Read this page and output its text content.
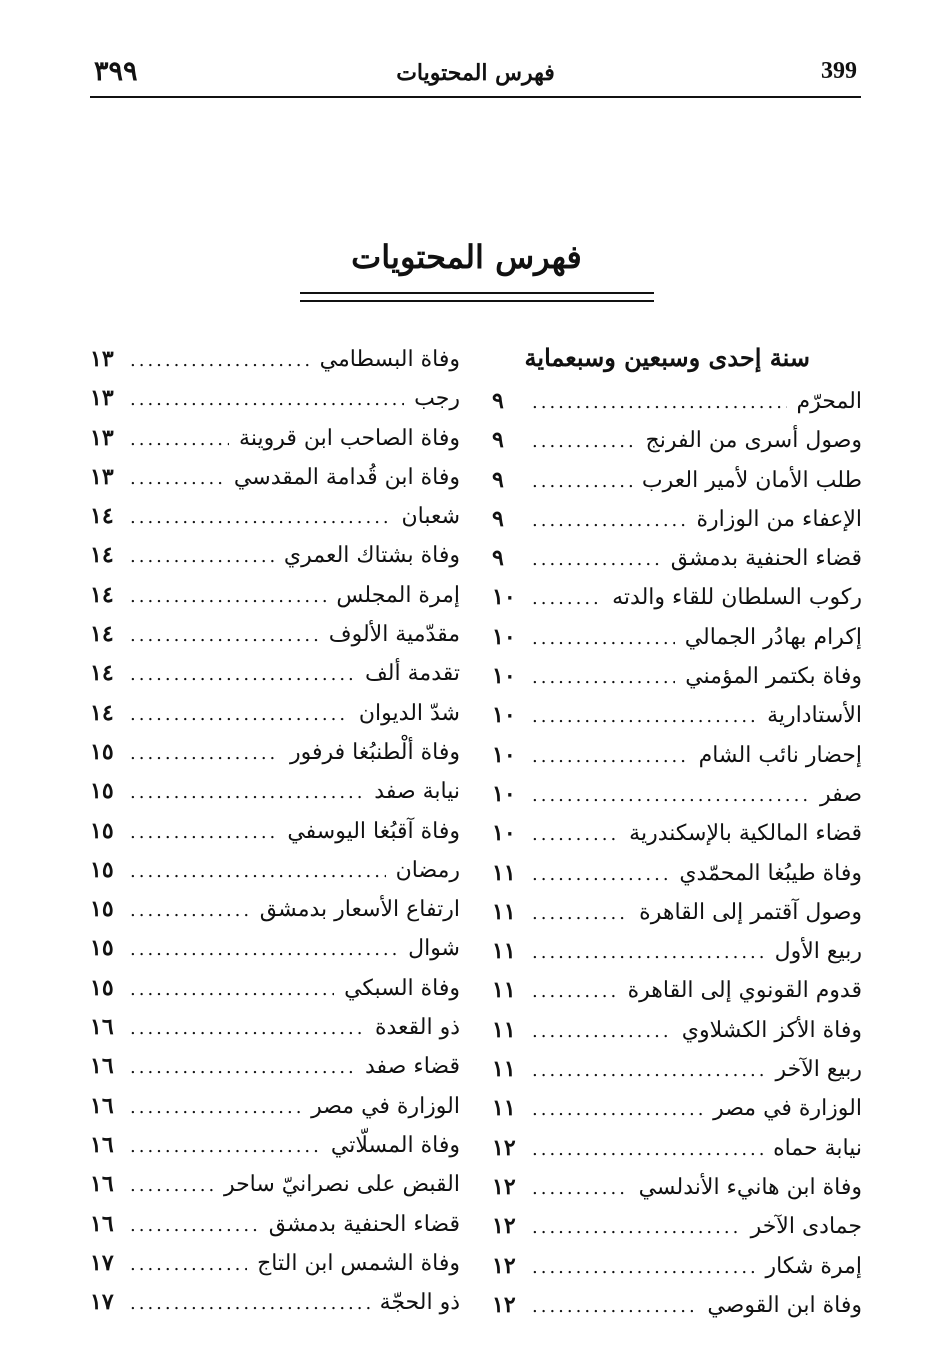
٣٩٩	فهرس المحتويات	399
فهرس المحتويات
سنة إحدى وسبعين وسبعماية
المحرّم
.....
٩
وصول أسرى من الفرنج
.....
٩
طلب الأمان لأمير العرب
.....
٩
الإعفاء من الوزارة
.....
٩
قضاء الحنفية بدمشق
.....
٩
ركوب السلطان للقاء والدته
.....
١٠
إكرام بهادُر الجمالي
.....
١٠
وفاة بكتمر المؤمني
.....
١٠
الأستادارية
.....
١٠
إحضار نائب الشام
.....
١٠
صفر
.....
١٠
قضاء المالكية بالإسكندرية
.....
١٠
وفاة طيبُغا المحمّدي
.....
١١
وصول آقتمر إلى القاهرة
.....
١١
ربيع الأول
.....
١١
قدوم القونوي إلى القاهرة
.....
١١
وفاة الأكز الكشلاوي
.....
١١
ربيع الآخر
.....
١١
الوزارة في مصر
.....
١١
نيابة حماه
.....
١٢
وفاة ابن هانيء الأندلسي
.....
١٢
جمادى الآخر
.....
١٢
إمرة شكار
.....
١٢
وفاة ابن القوصي
.....
١٢
وفاة البسطامي
.....
١٣
رجب
.....
١٣
وفاة الصاحب ابن قروينة
.....
١٣
وفاة ابن قُدامة المقدسي
.....
١٣
شعبان
.....
١٤
وفاة بشتاك العمري
.....
١٤
إمرة المجلس
.....
١٤
مقدّمية الألوف
.....
١٤
تقدمة ألف
.....
١٤
شدّ الديوان
.....
١٤
وفاة ألْطنبُغا فرفور
.....
١٥
نيابة صفد
.....
١٥
وفاة آقبُغا اليوسفي
.....
١٥
رمضان
.....
١٥
ارتفاع الأسعار بدمشق
.....
١٥
شوال
.....
١٥
وفاة السبكي
.....
١٥
ذو القعدة
.....
١٦
قضاء صفد
.....
١٦
الوزارة في مصر
.....
١٦
وفاة المسلّاتي
.....
١٦
القبض على نصرانيّ ساحر
.....
١٦
قضاء الحنفية بدمشق
.....
١٦
وفاة الشمس ابن التاج
.....
١٧
ذو الحجّة
.....
١٧
